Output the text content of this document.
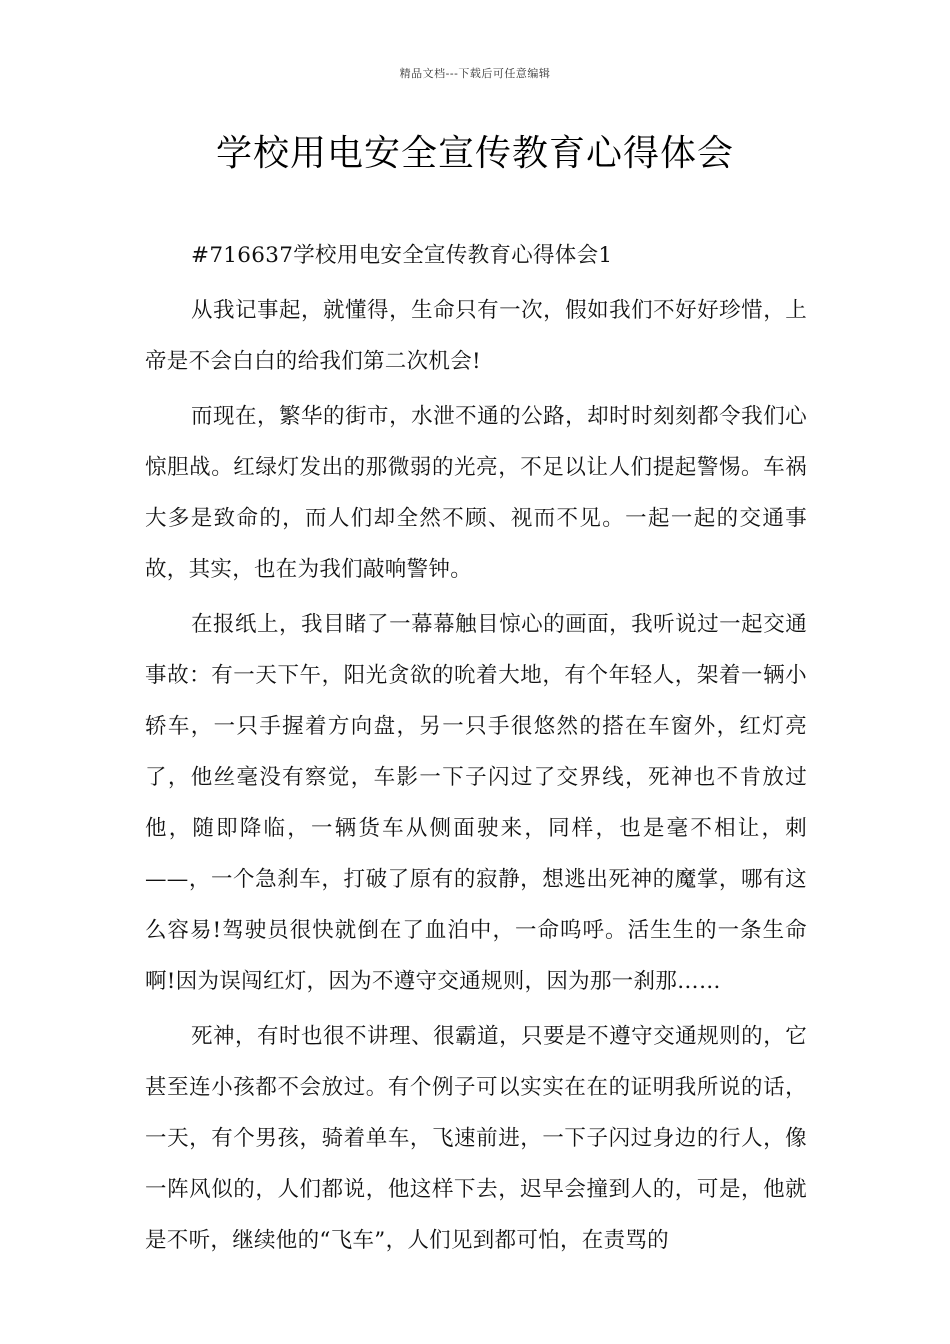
精品文档---下载后可任意编辑
学校用电安全宣传教育心得体会

#716637学校用电安全宣传教育心得体会1

从我记事起，就懂得，生命只有一次，假如我们不好好珍惜，上帝是不会白白的给我们第二次机会!

而现在，繁华的街市，水泄不通的公路，却时时刻刻都令我们心惊胆战。红绿灯发出的那微弱的光亮，不足以让人们提起警惕。车祸大多是致命的，而人们却全然不顾、视而不见。一起一起的交通事故，其实，也在为我们敲响警钟。

在报纸上，我目睹了一幕幕触目惊心的画面，我听说过一起交通事故：有一天下午，阳光贪欲的吮着大地，有个年轻人，架着一辆小轿车，一只手握着方向盘，另一只手很悠然的搭在车窗外，红灯亮了，他丝毫没有察觉，车影一下子闪过了交界线，死神也不肯放过他，随即降临，一辆货车从侧面驶来，同样，也是毫不相让，刺——，一个急刹车，打破了原有的寂静，想逃出死神的魔掌，哪有这么容易!驾驶员很快就倒在了血泊中，一命呜呼。活生生的一条生命啊!因为误闯红灯，因为不遵守交通规则，因为那一刹那……

死神，有时也很不讲理、很霸道，只要是不遵守交通规则的，它甚至连小孩都不会放过。有个例子可以实实在在的证明我所说的话，一天，有个男孩，骑着单车，飞速前进，一下子闪过身边的行人，像一阵风似的，人们都说，他这样下去，迟早会撞到人的，可是，他就是不听，继续他的“飞车”，人们见到都可怕，在责骂的
